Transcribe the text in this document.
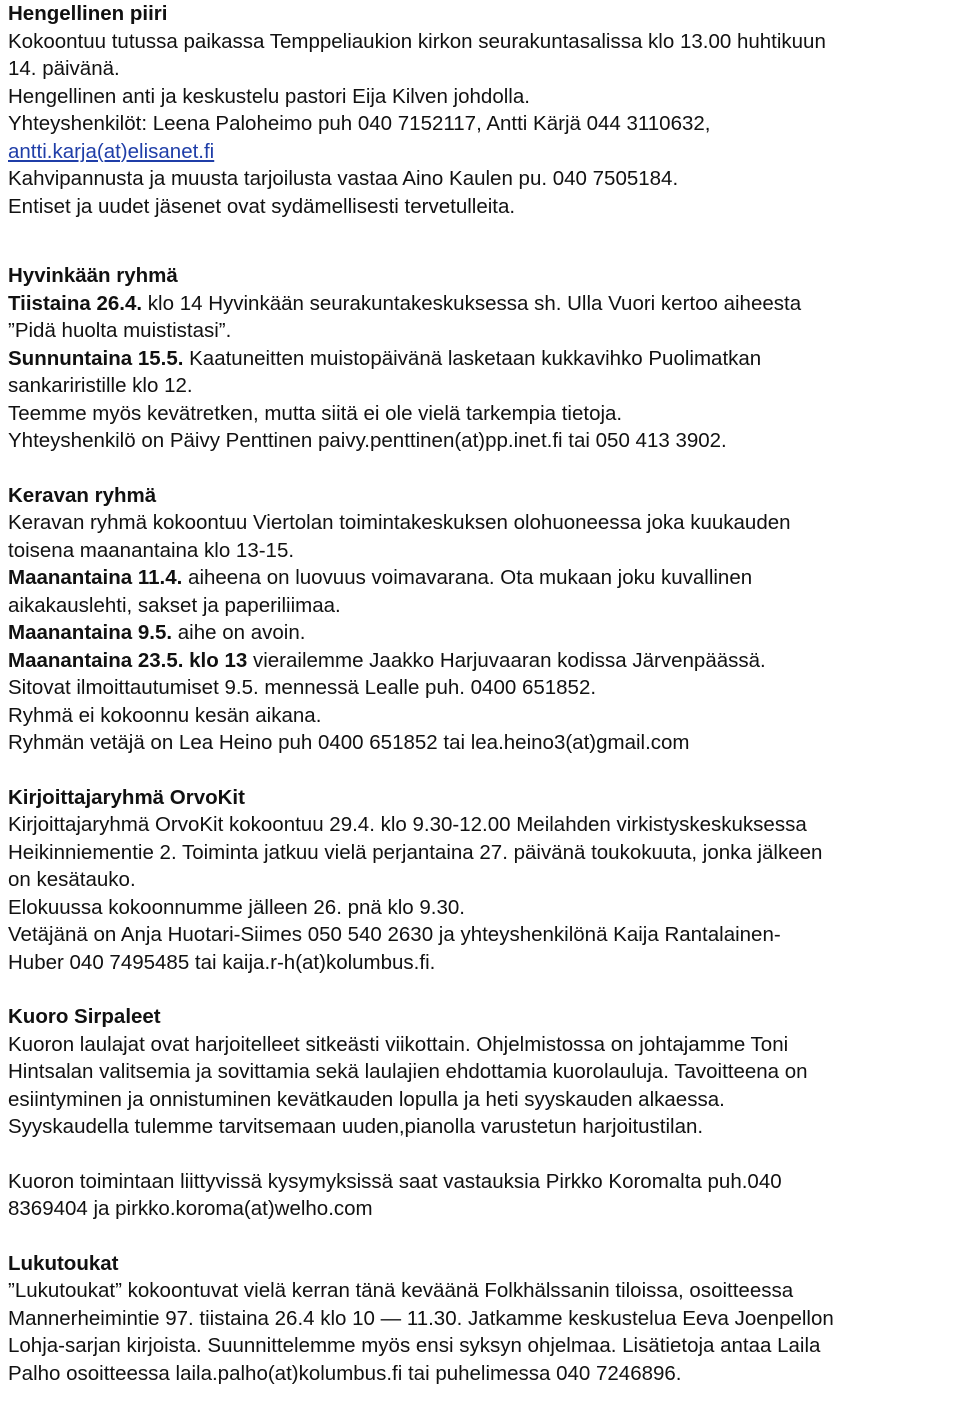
Hengellinen piiri
Kokoontuu tutussa paikassa Temppeliaukion kirkon seurakuntasalissa klo 13.00 huhtikuun
14. päivänä.
Hengellinen anti ja keskustelu pastori Eija Kilven johdolla.
Yhteyshenkilöt: Leena Paloheimo puh 040 7152117, Antti Kärjä 044 3110632,
antti.karja(at)elisanet.fi
Kahvipannusta ja muusta tarjoilusta vastaa Aino Kaulen pu. 040 7505184.
Entiset ja uudet jäsenet ovat sydämellisesti tervetulleita.
Hyvinkään ryhmä
Tiistaina 26.4. klo 14 Hyvinkään seurakuntakeskuksessa sh. Ulla Vuori kertoo aiheesta
”Pidä huolta muististasi”.
Sunnuntaina 15.5. Kaatuneitten muistopäivänä lasketaan kukkavihko Puolimatkan
sankariristille klo 12.
Teemme myös kevätretken, mutta siitä ei ole vielä tarkempia tietoja.
Yhteyshenkilö on Päivy Penttinen paivy.penttinen(at)pp.inet.fi tai 050 413 3902.
Keravan ryhmä
Keravan ryhmä kokoontuu Viertolan toimintakeskuksen olohuoneessa joka kuukauden
toisena maanantaina klo 13-15.
Maanantaina 11.4. aiheena on luovuus voimavarana. Ota mukaan joku kuvallinen
aikakauslehti, sakset ja paperiliimaa.
Maanantaina 9.5. aihe on avoin.
Maanantaina 23.5. klo 13 vierailemme Jaakko Harjuvaaran kodissa Järvenpäässä.
Sitovat ilmoittautumiset 9.5. mennessä Lealle puh. 0400 651852.
Ryhmä ei kokoonnu kesän aikana.
Ryhmän vetäjä on Lea Heino puh 0400 651852 tai lea.heino3(at)gmail.com
Kirjoittajaryhmä OrvoKit
Kirjoittajaryhmä OrvoKit kokoontuu 29.4. klo 9.30-12.00 Meilahden virkistyskeskuksessa
Heikinniementie 2. Toiminta jatkuu vielä perjantaina 27. päivänä toukokuuta, jonka jälkeen
on kesätauko.
Elokuussa kokoonnumme jälleen 26. pnä klo 9.30.
Vetäjänä on Anja Huotari-Siimes 050 540 2630 ja yhteyshenkilönä Kaija Rantalainen-
Huber 040 7495485 tai kaija.r-h(at)kolumbus.fi.
Kuoro Sirpaleet
Kuoron laulajat ovat harjoitelleet sitkeästi viikottain. Ohjelmistossa on johtajamme Toni
Hintsalan valitsemia ja sovittamia sekä laulajien ehdottamia kuorolauluja. Tavoitteena on
esiintyminen ja onnistuminen kevätkauden lopulla ja heti syyskauden alkaessa.
Syyskaudella tulemme tarvitsemaan uuden,pianolla varustetun harjoitustilan.
Kuoron toimintaan liittyvissä kysymyksissä saat vastauksia Pirkko Koromalta puh.040
8369404 ja pirkko.koroma(at)welho.com
Lukutoukat
”Lukutoukat” kokoontuvat vielä kerran tänä keväänä Folkhälssanin tiloissa, osoitteessa
Mannerheimintie 97. tiistaina 26.4 klo 10 — 11.30. Jatkamme keskustelua Eeva Joenpellon
Lohja-sarjan kirjoista. Suunnittelemme myös ensi syksyn ohjelmaa. Lisätietoja antaa Laila
Palho osoitteessa laila.palho(at)kolumbus.fi tai puhelimessa 040 7246896.
